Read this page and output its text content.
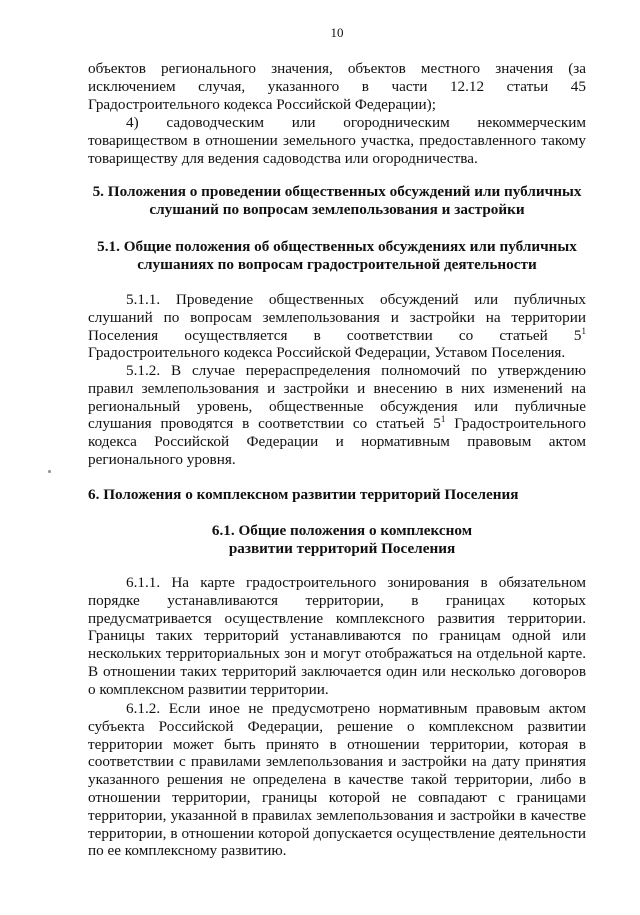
10

объектов регионального значения, объектов местного значения (за исключением случая, указанного в части 12.12 статьи 45 Градостроительного кодекса Российской Федерации);

4) садоводческим или огородническим некоммерческим товариществом в отношении земельного участка, предоставленного такому товариществу для ведения садоводства или огородничества.

5. Положения о проведении общественных обсуждений или публичных слушаний по вопросам землепользования и застройки

5.1. Общие положения об общественных обсуждениях или публичных слушаниях по вопросам градостроительной деятельности

5.1.1. Проведение общественных обсуждений или публичных слушаний по вопросам землепользования и застройки на территории Поселения осуществляется в соответствии со статьей $5^1$ Градостроительного кодекса Российской Федерации, Уставом Поселения.

5.1.2. В случае перераспределения полномочий по утверждению правил землепользования и застройки и внесению в них изменений на региональный уровень, общественные обсуждения или публичные слушания проводятся в соответствии со статьей $5^1$ Градостроительного кодекса Российской Федерации и нормативным правовым актом регионального уровня.

6. Положения о комплексном развитии территорий Поселения

6.1. Общие положения о комплексном развитии территорий Поселения

6.1.1. На карте градостроительного зонирования в обязательном порядке устанавливаются территории, в границах которых предусматривается осуществление комплексного развития территории. Границы таких территорий устанавливаются по границам одной или нескольких территориальных зон и могут отображаться на отдельной карте. В отношении таких территорий заключается один или несколько договоров о комплексном развитии территории.

6.1.2. Если иное не предусмотрено нормативным правовым актом субъекта Российской Федерации, решение о комплексном развитии территории может быть принято в отношении территории, которая в соответствии с правилами землепользования и застройки на дату принятия указанного решения не определена в качестве такой территории, либо в отношении территории, границы которой не совпадают с границами территории, указанной в правилах землепользования и застройки в качестве территории, в отношении которой допускается осуществление деятельности по ее комплексному развитию.
